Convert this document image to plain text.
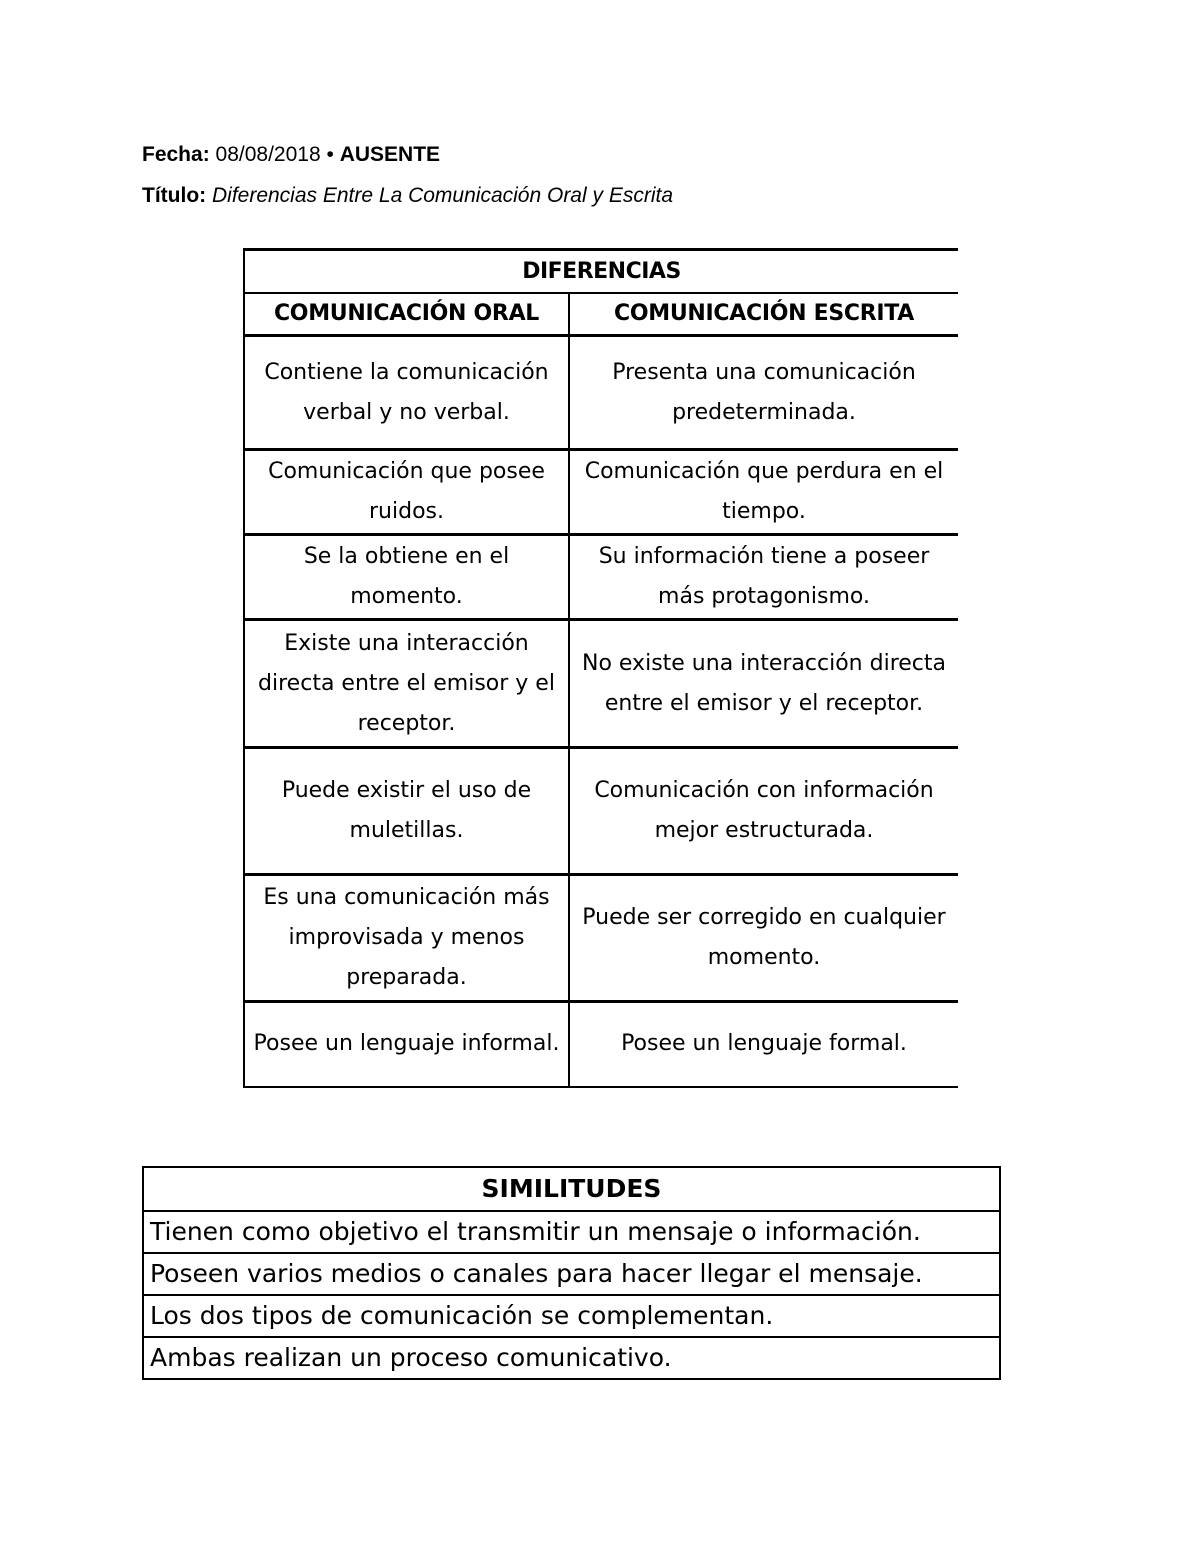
Fecha: 08/08/2018 • AUSENTE
Título: Diferencias Entre La Comunicación Oral y Escrita
DIFERENCIAS	
COMUNICACIÓN ORAL	COMUNICACIÓN ESCRITA
Contiene la comunicación verbal y no verbal.	Presenta una comunicación predeterminada.
Comunicación que posee ruidos.	Comunicación que perdura en el tiempo.
Se la obtiene en el momento.	Su información tiene a poseer más protagonismo.
Existe una interacción directa entre el emisor y el receptor.	No existe una interacción directa entre el emisor y el receptor.
Puede existir el uso de muletillas.	Comunicación con información mejor estructurada.
Es una comunicación más improvisada y menos preparada.	Puede ser corregido en cualquier momento.
Posee un lenguaje informal.	Posee un lenguaje formal.
SIMILITUDES
Tienen como objetivo el transmitir un mensaje o información.
Poseen varios medios o canales para hacer llegar el mensaje.
Los dos tipos de comunicación se complementan.
Ambas realizan un proceso comunicativo.
